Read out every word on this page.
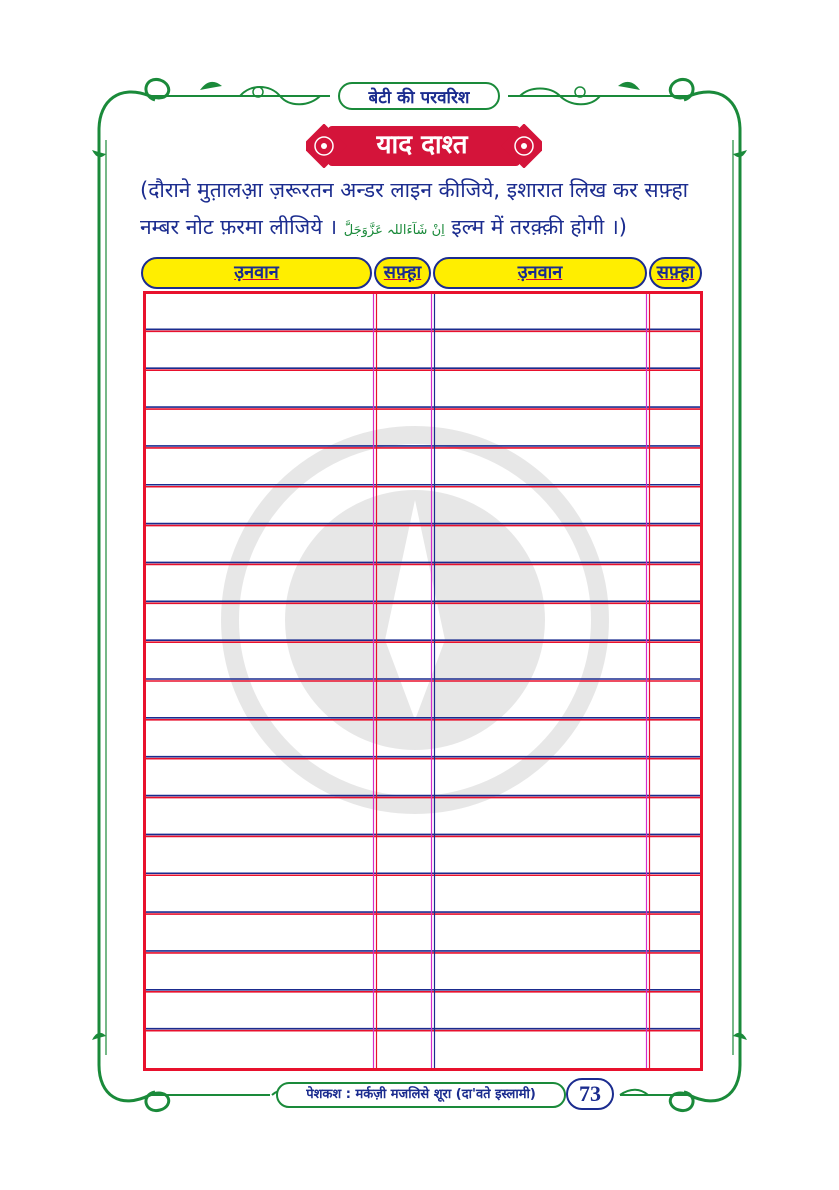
बेटी की परवरिश
याद दाश्त
(दौराने मुत़ालआ़ ज़रूरतन अन्डर लाइन कीजिये, इशारात लिख कर सफ़्हा
नम्बर नोट फ़रमा लीजिये । اِنْ شَآءَاللہ عَزَّوَجَلَّ इल्म में तरक़्क़ी होगी ।)
उ़नवान	सफ़्ह़ा	उ़नवान	सफ़्ह़ा
पेशकश : मर्कज़ी मजलिसे शूरा (दा'वते इस्लामी)	73
